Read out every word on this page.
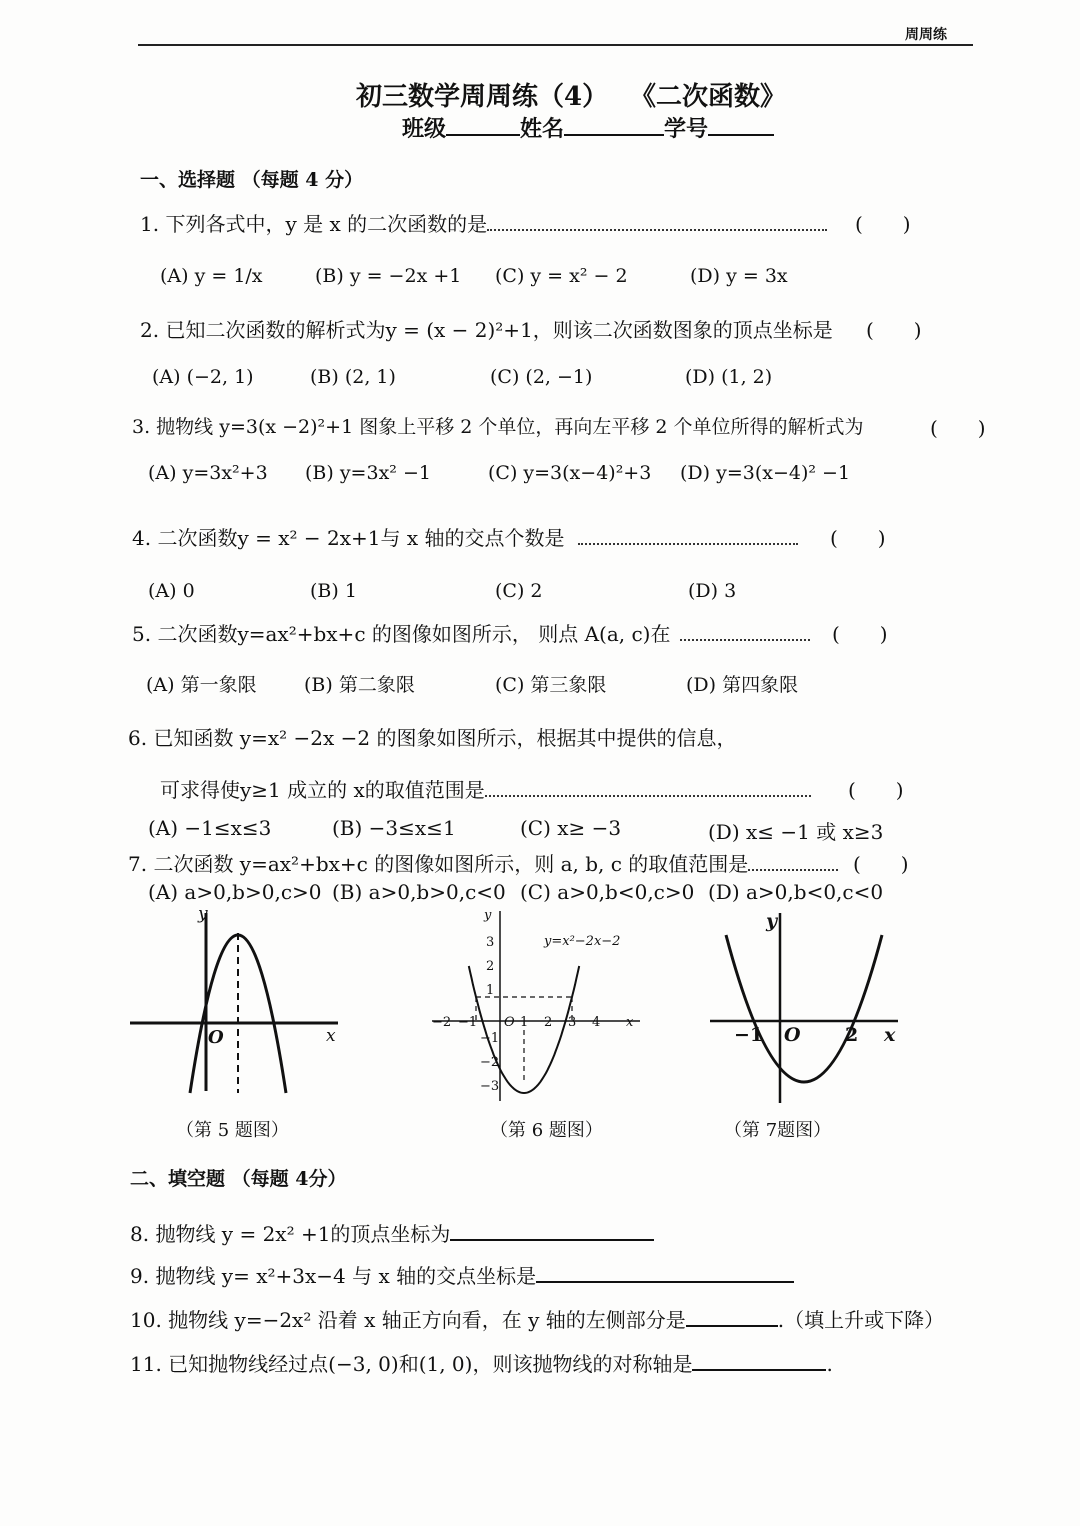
周周练
初三数学周周练（4） 《二次函数》
班级	姓名	学号
一、选择题 （每题 4 分）
1. 下列各式中，y 是 x 的二次函数的是	(　　)
(A) y = 1/x	(B) y = −2x +1 (C) y = x² − 2	(D) y = 3x
2. 已知二次函数的解析式为y = (x − 2)²+1，则该二次函数图象的顶点坐标是 (　　)
(A) (−2, 1)	(B) (2, 1)	(C) (2, −1)	(D) (1, 2)
3. 抛物线 y=3(x −2)²+1 图象上平移 2 个单位，再向左平移 2 个单位所得的解析式为	(　　)
(A) y=3x²+3 (B) y=3x² −1	(C) y=3(x−4)²+3 (D) y=3(x−4)² −1
4. 二次函数y = x² − 2x+1与 x 轴的交点个数是	(　　)
(A) 0	(B) 1	(C) 2	(D) 3
5. 二次函数y=ax²+bx+c 的图像如图所示， 则点 A(a, c)在	(　　)
(A) 第一象限 (B) 第二象限	(C) 第三象限	(D) 第四象限
6. 已知函数 y=x² −2x −2 的图象如图所示，根据其中提供的信息，
可求得使y≥1 成立的 x的取值范围是	(　　)
(A) −1≤x≤3	(B) −3≤x≤1	(C) x≥ −3	(D) x≤ −1 或 x≥3
7. 二次函数 y=ax²+bx+c 的图像如图所示，则 a, b, c 的取值范围是	(　　)
(A) a>0,b>0,c>0 (B) a>0,b>0,c<0 (C) a>0,b<0,c>0 (D) a>0,b<0,c<0
O	x
y
y=x²−2x−2
−2 −1	1 2 3 4
O	x
y
3
2
1
−1
−2
−3
−1	2
O	x
y
（第 5 题图）	（第 6 题图）	（第 7题图）
二、填空题 （每题 4分）
8. 抛物线 y = 2x² +1的顶点坐标为
9. 抛物线 y= x²+3x−4 与 x 轴的交点坐标是
10. 抛物线 y=−2x² 沿着 x 轴正方向看，在 y 轴的左侧部分是	.（填上升或下降）
11. 已知抛物线经过点(−3, 0)和(1, 0)，则该抛物线的对称轴是	.
